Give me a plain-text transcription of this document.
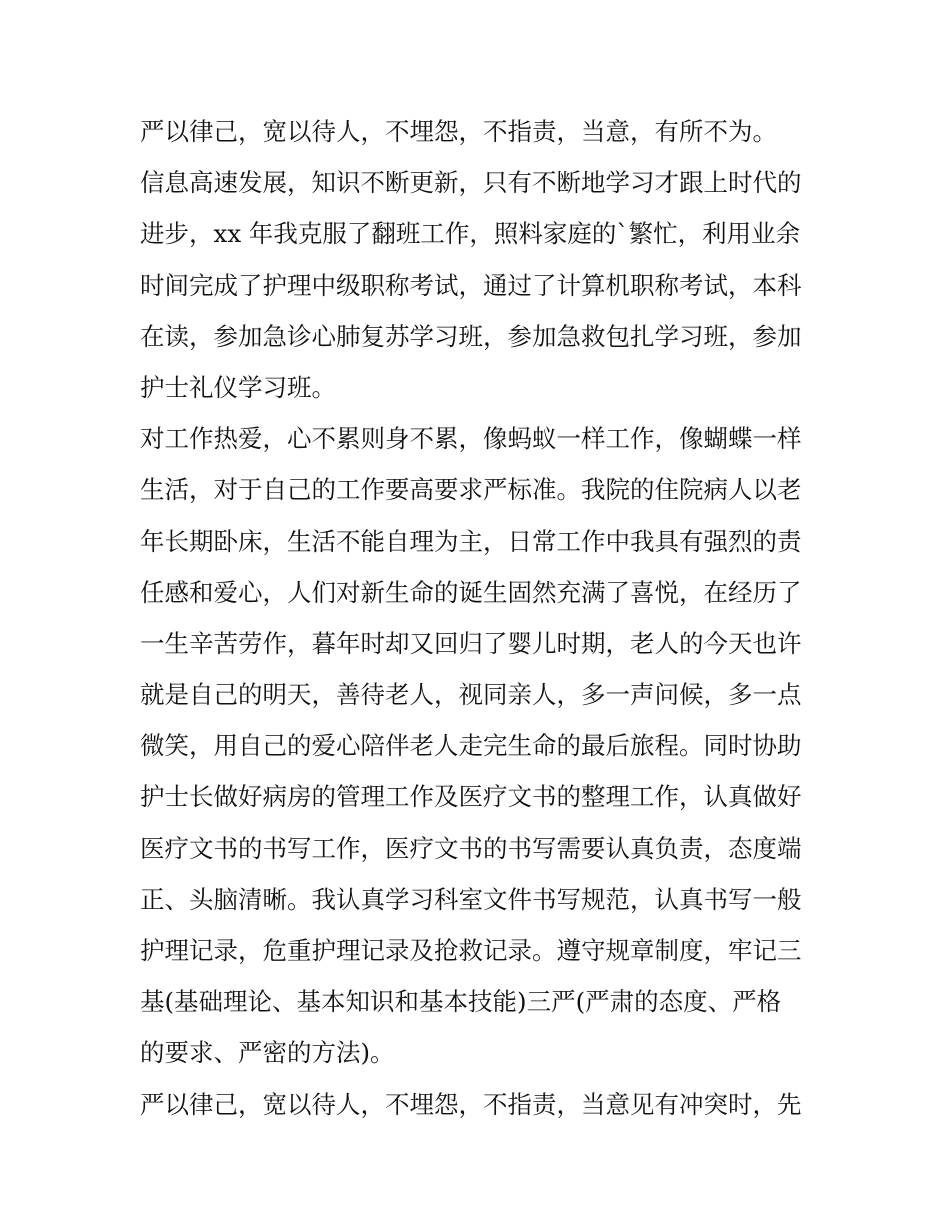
严以律己，宽以待人，不埋怨，不指责，当意，有所不为。
信息高速发展，知识不断更新，只有不断地学习才跟上时代的
进步，xx 年我克服了翻班工作，照料家庭的`繁忙，利用业余
时间完成了护理中级职称考试，通过了计算机职称考试，本科
在读，参加急诊心肺复苏学习班，参加急救包扎学习班，参加
护士礼仪学习班。
对工作热爱，心不累则身不累，像蚂蚁一样工作，像蝴蝶一样
生活，对于自己的工作要高要求严标准。我院的住院病人以老
年长期卧床，生活不能自理为主，日常工作中我具有强烈的责
任感和爱心，人们对新生命的诞生固然充满了喜悦，在经历了
一生辛苦劳作，暮年时却又回归了婴儿时期，老人的今天也许
就是自己的明天，善待老人，视同亲人，多一声问候，多一点
微笑，用自己的爱心陪伴老人走完生命的最后旅程。同时协助
护士长做好病房的管理工作及医疗文书的整理工作，认真做好
医疗文书的书写工作，医疗文书的书写需要认真负责，态度端
正、头脑清晰。我认真学习科室文件书写规范，认真书写一般
护理记录，危重护理记录及抢救记录。遵守规章制度，牢记三
基(基础理论、基本知识和基本技能)三严(严肃的态度、严格
的要求、严密的方法)。
严以律己，宽以待人，不埋怨，不指责，当意见有冲突时，先
